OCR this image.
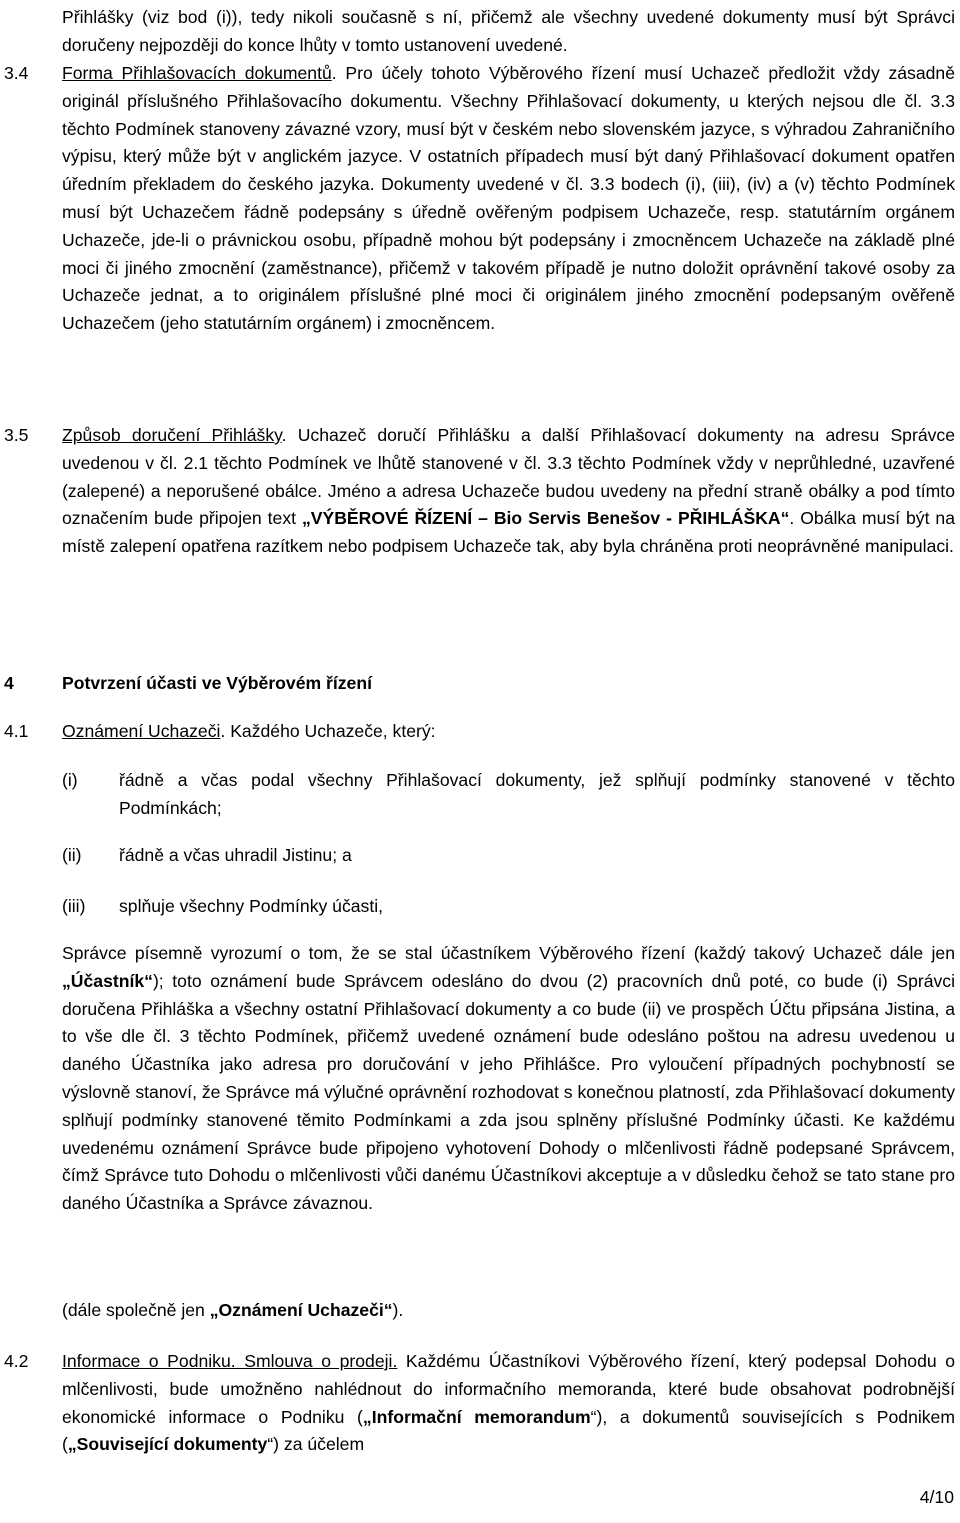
Přihlášky (viz bod (i)), tedy nikoli současně s ní, přičemž ale všechny uvedené dokumenty musí být Správci doručeny nejpozději do konce lhůty v tomto ustanovení uvedené.

3.4 Forma Přihlašovacích dokumentů. Pro účely tohoto Výběrového řízení musí Uchazeč předložit vždy zásadně originál příslušného Přihlašovacího dokumentu. Všechny Přihlašovací dokumenty, u kterých nejsou dle čl. 3.3 těchto Podmínek stanoveny závazné vzory, musí být v českém nebo slovenském jazyce, s výhradou Zahraničního výpisu, který může být v anglickém jazyce. V ostatních případech musí být daný Přihlašovací dokument opatřen úředním překladem do českého jazyka. Dokumenty uvedené v čl. 3.3 bodech (i), (iii), (iv) a (v) těchto Podmínek musí být Uchazečem řádně podepsány s úředně ověřeným podpisem Uchazeče, resp. statutárním orgánem Uchazeče, jde-li o právnickou osobu, případně mohou být podepsány i zmocněncem Uchazeče na základě plné moci či jiného zmocnění (zaměstnance), přičemž v takovém případě je nutno doložit oprávnění takové osoby za Uchazeče jednat, a to originálem příslušné plné moci či originálem jiného zmocnění podepsaným ověřeně Uchazečem (jeho statutárním orgánem) i zmocněncem.

3.5 Způsob doručení Přihlášky. Uchazeč doručí Přihlášku a další Přihlašovací dokumenty na adresu Správce uvedenou v čl. 2.1 těchto Podmínek ve lhůtě stanovené v čl. 3.3 těchto Podmínek vždy v neprůhledné, uzavřené (zalepené) a neporušené obálce. Jméno a adresa Uchazeče budou uvedeny na přední straně obálky a pod tímto označením bude připojen text „VÝBĚROVÉ ŘÍZENÍ – Bio Servis Benešov - PŘIHLÁŠKA“. Obálka musí být na místě zalepení opatřena razítkem nebo podpisem Uchazeče tak, aby byla chráněna proti neoprávněné manipulaci.

4	Potvrzení účasti ve Výběrovém řízení

4.1 Oznámení Uchazeči. Každého Uchazeče, který:

(i) řádně a včas podal všechny Přihlašovací dokumenty, jež splňují podmínky stanovené v těchto Podmínkách;

(ii) řádně a včas uhradil Jistinu; a

(iii) splňuje všechny Podmínky účasti,

Správce písemně vyrozumí o tom, že se stal účastníkem Výběrového řízení (každý takový Uchazeč dále jen „Účastník“); toto oznámení bude Správcem odesláno do dvou (2) pracovních dnů poté, co bude (i) Správci doručena Přihláška a všechny ostatní Přihlašovací dokumenty a co bude (ii) ve prospěch Účtu připsána Jistina, a to vše dle čl. 3 těchto Podmínek, přičemž uvedené oznámení bude odesláno poštou na adresu uvedenou u daného Účastníka jako adresa pro doručování v jeho Přihlášce. Pro vyloučení případných pochybností se výslovně stanoví, že Správce má výlučné oprávnění rozhodovat s konečnou platností, zda Přihlašovací dokumenty splňují podmínky stanovené těmito Podmínkami a zda jsou splněny příslušné Podmínky účasti. Ke každému uvedenému oznámení Správce bude připojeno vyhotovení Dohody o mlčenlivosti řádně podepsané Správcem, čímž Správce tuto Dohodu o mlčenlivosti vůči danému Účastníkovi akceptuje a v důsledku čehož se tato stane pro daného Účastníka a Správce závaznou.

(dále společně jen „Oznámení Uchazeči“).

4.2 Informace o Podniku. Smlouva o prodeji. Každému Účastníkovi Výběrového řízení, který podepsal Dohodu o mlčenlivosti, bude umožněno nahlédnout do informačního memoranda, které bude obsahovat podrobnější ekonomické informace o Podniku („Informační memorandum“), a dokumentů souvisejících s Podnikem („Související dokumenty“) za účelem

4/10
